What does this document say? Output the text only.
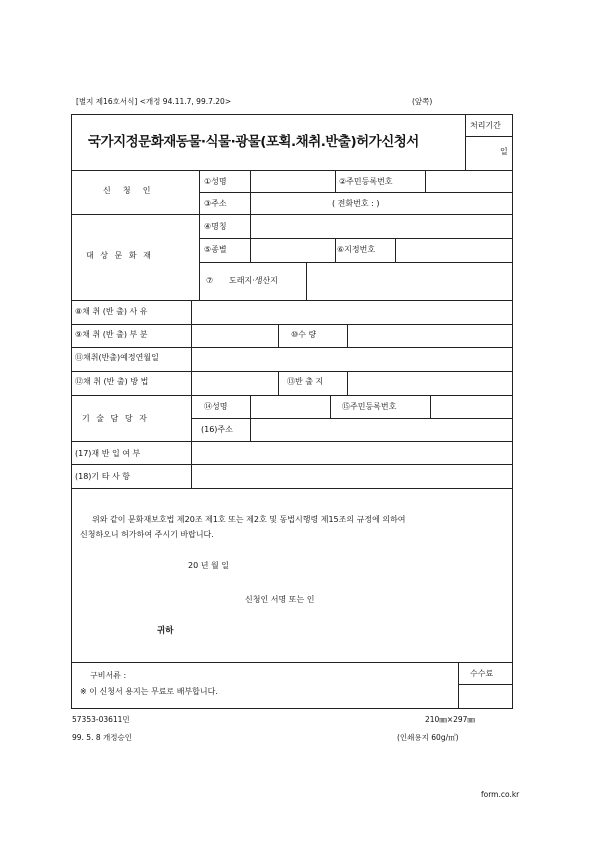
[별지 제16호서식] <개정 94.11.7, 99.7.20>	(앞쪽)
국가지정문화재동물·식물·광물(포획.채취.반출)허가신청서
처리기간
일
신 청 인
①성명	②주민등록번호
③주소	( 전화번호 : )
대 상 문 화 재
④명칭
⑤종별	⑥지정번호
⑦ 도래지·생산지
⑧채 취 (반 출) 사 유
⑨채 취 (반 출) 부 분	⑩수 량
⑪채취(반출)예정연월일
⑫채 취 (반 출) 방 법	⑬반 출 지
기 술 담 당 자
⑭성명	⑮주민등록번호
(16)주소
(17)재 반 입 여 부
(18)기 타 사 항
위와 같이 문화재보호법 제20조 제1호 또는 제2호 및 동법시행령 제15조의 규정에 의하여
신청하오니 허가하여 주시기 바랍니다.
20 년 월 일
신청인 서명 또는 인
귀하
구비서류 :
※ 이 신청서 용지는 무료로 배부합니다.
수수료
57353-03611민	210㎜×297㎜
99. 5. 8 개정승인	(인쇄용지 60g/㎡)
form.co.kr
